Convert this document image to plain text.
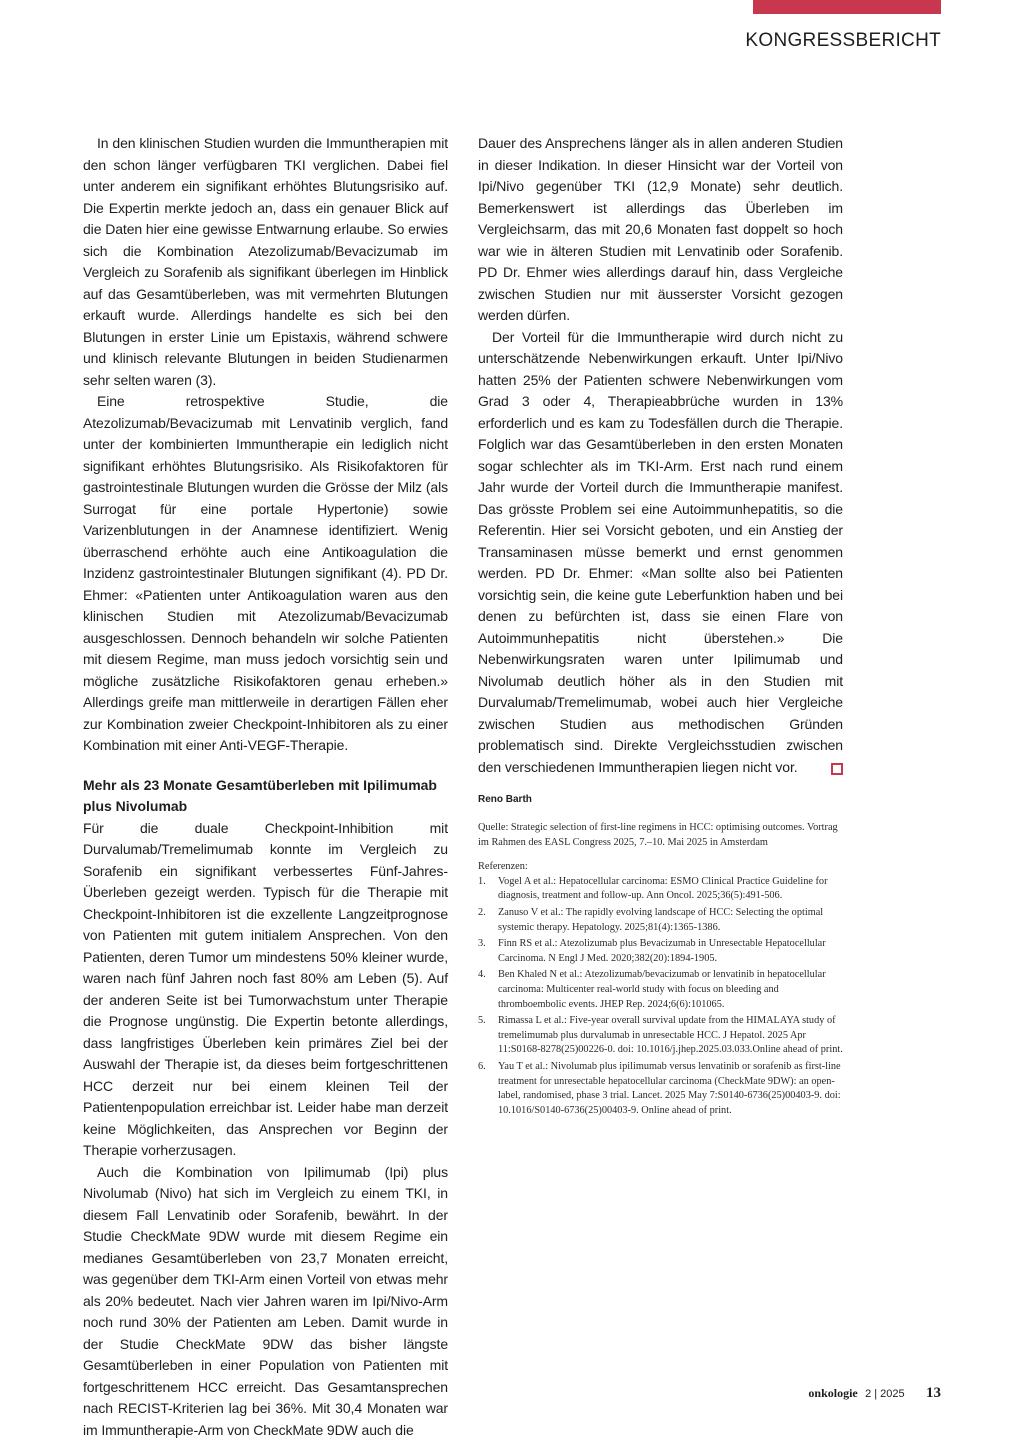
KONGRESSBERICHT

In den klinischen Studien wurden die Immuntherapien mit den schon länger verfügbaren TKI verglichen. Dabei fiel unter anderem ein signifikant erhöhtes Blutungsrisiko auf. Die Expertin merkte jedoch an, dass ein genauer Blick auf die Daten hier eine gewisse Entwarnung erlaube. So erwies sich die Kombination Atezolizumab/Bevacizumab im Vergleich zu Sorafenib als signifikant überlegen im Hinblick auf das Gesamtüberleben, was mit vermehrten Blutungen erkauft wurde. Allerdings handelte es sich bei den Blutungen in erster Linie um Epistaxis, während schwere und klinisch relevante Blutungen in beiden Studienarmen sehr selten waren (3).

Eine retrospektive Studie, die Atezolizumab/Bevacizumab mit Lenvatinib verglich, fand unter der kombinierten Immuntherapie ein lediglich nicht signifikant erhöhtes Blutungsrisiko. Als Risikofaktoren für gastrointestinale Blutungen wurden die Grösse der Milz (als Surrogat für eine portale Hypertonie) sowie Varizenblutungen in der Anamnese identifiziert. Wenig überraschend erhöhte auch eine Antikoagulation die Inzidenz gastrointestinaler Blutungen signifikant (4). PD Dr. Ehmer: «Patienten unter Antikoagulation waren aus den klinischen Studien mit Atezolizumab/Bevacizumab ausgeschlossen. Dennoch behandeln wir solche Patienten mit diesem Regime, man muss jedoch vorsichtig sein und mögliche zusätzliche Risikofaktoren genau erheben.» Allerdings greife man mittlerweile in derartigen Fällen eher zur Kombination zweier Checkpoint-Inhibitoren als zu einer Kombination mit einer Anti-VEGF-Therapie.

Mehr als 23 Monate Gesamtüberleben mit Ipilimumab plus Nivolumab

Für die duale Checkpoint-Inhibition mit Durvalumab/Tremelimumab konnte im Vergleich zu Sorafenib ein signifikant verbessertes Fünf-Jahres-Überleben gezeigt werden. Typisch für die Therapie mit Checkpoint-Inhibitoren ist die exzellente Langzeitprognose von Patienten mit gutem initialem Ansprechen. Von den Patienten, deren Tumor um mindestens 50% kleiner wurde, waren nach fünf Jahren noch fast 80% am Leben (5). Auf der anderen Seite ist bei Tumorwachstum unter Therapie die Prognose ungünstig. Die Expertin betonte allerdings, dass langfristiges Überleben kein primäres Ziel bei der Auswahl der Therapie ist, da dieses beim fortgeschrittenen HCC derzeit nur bei einem kleinen Teil der Patientenpopulation erreichbar ist. Leider habe man derzeit keine Möglichkeiten, das Ansprechen vor Beginn der Therapie vorherzusagen.

Auch die Kombination von Ipilimumab (Ipi) plus Nivolumab (Nivo) hat sich im Vergleich zu einem TKI, in diesem Fall Lenvatinib oder Sorafenib, bewährt. In der Studie CheckMate 9DW wurde mit diesem Regime ein medianes Gesamtüberleben von 23,7 Monaten erreicht, was gegenüber dem TKI-Arm einen Vorteil von etwas mehr als 20% bedeutet. Nach vier Jahren waren im Ipi/Nivo-Arm noch rund 30% der Patienten am Leben. Damit wurde in der Studie CheckMate 9DW das bisher längste Gesamtüberleben in einer Population von Patienten mit fortgeschrittenem HCC erreicht. Das Gesamtansprechen nach RECIST-Kriterien lag bei 36%. Mit 30,4 Monaten war im Immuntherapie-Arm von CheckMate 9DW auch die

Dauer des Ansprechens länger als in allen anderen Studien in dieser Indikation. In dieser Hinsicht war der Vorteil von Ipi/Nivo gegenüber TKI (12,9 Monate) sehr deutlich. Bemerkenswert ist allerdings das Überleben im Vergleichsarm, das mit 20,6 Monaten fast doppelt so hoch war wie in älteren Studien mit Lenvatinib oder Sorafenib. PD Dr. Ehmer wies allerdings darauf hin, dass Vergleiche zwischen Studien nur mit äusserster Vorsicht gezogen werden dürfen.

Der Vorteil für die Immuntherapie wird durch nicht zu unterschätzende Nebenwirkungen erkauft. Unter Ipi/Nivo hatten 25% der Patienten schwere Nebenwirkungen vom Grad 3 oder 4, Therapieabbrüche wurden in 13% erforderlich und es kam zu Todesfällen durch die Therapie. Folglich war das Gesamtüberleben in den ersten Monaten sogar schlechter als im TKI-Arm. Erst nach rund einem Jahr wurde der Vorteil durch die Immuntherapie manifest. Das grösste Problem sei eine Autoimmunhepatitis, so die Referentin. Hier sei Vorsicht geboten, und ein Anstieg der Transaminasen müsse bemerkt und ernst genommen werden. PD Dr. Ehmer: «Man sollte also bei Patienten vorsichtig sein, die keine gute Leberfunktion haben und bei denen zu befürchten ist, dass sie einen Flare von Autoimmunhepatitis nicht überstehen.» Die Nebenwirkungsraten waren unter Ipilimumab und Nivolumab deutlich höher als in den Studien mit Durvalumab/Tremelimumab, wobei auch hier Vergleiche zwischen Studien aus methodischen Gründen problematisch sind. Direkte Vergleichsstudien zwischen den verschiedenen Immuntherapien liegen nicht vor.

Reno Barth
Quelle: Strategic selection of first-line regimens in HCC: optimising outcomes. Vortrag im Rahmen des EASL Congress 2025, 7.–10. Mai 2025 in Amsterdam
Referenzen:
1.	Vogel A et al.: Hepatocellular carcinoma: ESMO Clinical Practice Guideline for diagnosis, treatment and follow-up. Ann Oncol. 2025;36(5):491-506.
2.	Zanuso V et al.: The rapidly evolving landscape of HCC: Selecting the optimal systemic therapy. Hepatology. 2025;81(4):1365-1386.
3.	Finn RS et al.: Atezolizumab plus Bevacizumab in Unresectable Hepatocellular Carcinoma. N Engl J Med. 2020;382(20):1894-1905.
4.	Ben Khaled N et al.: Atezolizumab/bevacizumab or lenvatinib in hepatocellular carcinoma: Multicenter real-world study with focus on bleeding and thromboembolic events. JHEP Rep. 2024;6(6):101065.
5.	Rimassa L et al.: Five-year overall survival update from the HIMALAYA study of tremelimumab plus durvalumab in unresectable HCC. J Hepatol. 2025 Apr 11:S0168-8278(25)00226-0. doi: 10.1016/j.jhep.2025.03.033.Online ahead of print.
6.	Yau T et al.: Nivolumab plus ipilimumab versus lenvatinib or sorafenib as first-line treatment for unresectable hepatocellular carcinoma (CheckMate 9DW): an open-label, randomised, phase 3 trial. Lancet. 2025 May 7:S0140-6736(25)00403-9. doi: 10.1016/S0140-6736(25)00403-9. Online ahead of print.
onkologie 2 | 2025 13
